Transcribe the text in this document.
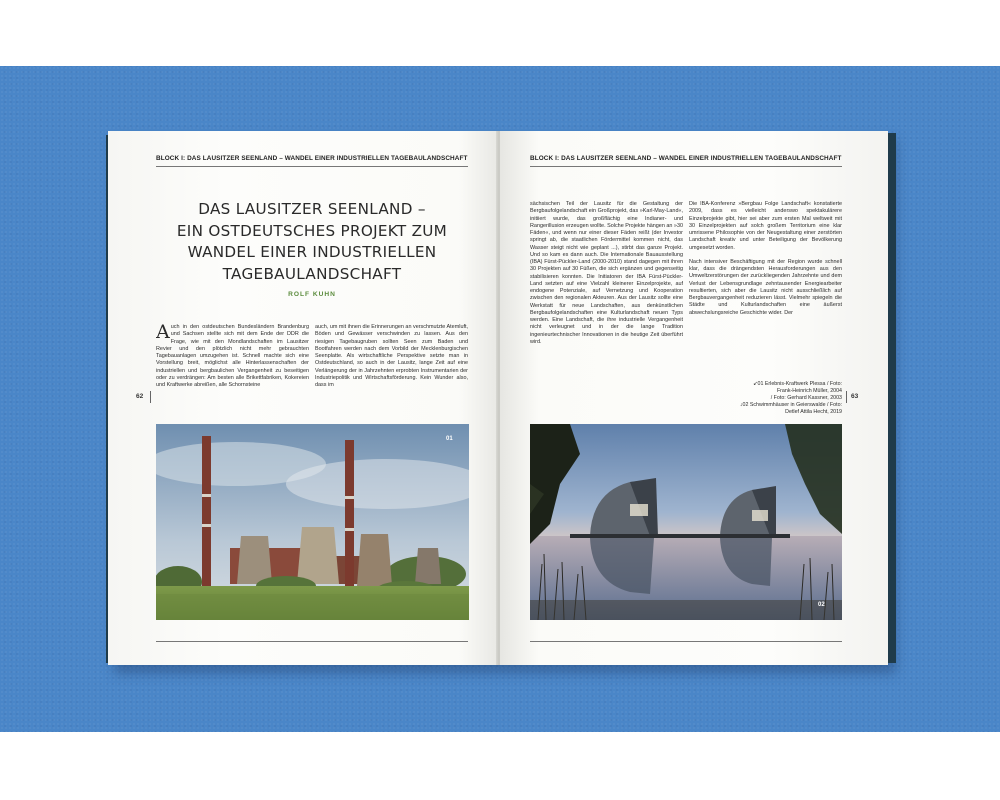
BLOCK I: DAS LAUSITZER SEENLAND – WANDEL EINER INDUSTRIELLEN TAGEBAULANDSCHAFT
DAS LAUSITZER SEENLAND –
EIN OSTDEUTSCHES PROJEKT ZUM
WANDEL EINER INDUSTRIELLEN
TAGEBAULANDSCHAFT
ROLF KUHN

Auch in den ostdeutschen Bundesländern Brandenburg und Sachsen stellte sich mit dem Ende der DDR die Frage, wie mit den Mondlandschaften im Lausitzer Revier und den plötzlich nicht mehr gebrauchten Tagebauanlagen umzugehen ist. Schnell machte sich eine Vorstellung breit, möglichst alle Hinterlassenschaften der industriellen und bergbaulichen Vergangenheit zu beseitigen oder zu verdrängen: Am besten alle Brikettfabriken, Kokereien und Kraftwerke abreißen, alle Schornsteine

auch, um mit ihnen die Erinnerungen an verschmutzte Atemluft, Böden und Gewässer verschwinden zu lassen. Aus den riesigen Tagebaugruben sollten Seen zum Baden und Bootfahren werden nach dem Vorbild der Mecklenburgischen Seenplatte. Als wirtschaftliche Perspektive setzte man in Ostdeutschland, so auch in der Lausitz, lange Zeit auf eine Verlängerung der in Jahrzehnten erprobten Instrumentarien der Industriepolitik und Wirtschaftsförderung. Kein Wunder also, dass im

62
01
BLOCK I: DAS LAUSITZER SEENLAND – WANDEL EINER INDUSTRIELLEN TAGEBAULANDSCHAFT

sächsischen Teil der Lausitz für die Gestaltung der Bergbaufolgelandschaft ein Großprojekt, das »Karl-May-Land«, initiiert wurde, das großflächig eine Indianer- und Rangerillusion erzeugen wollte. Solche Projekte hängen an »30 Fäden«, und wenn nur einer dieser Fäden reißt (der Investor springt ab, die staatlichen Fördermittel kommen nicht, das Wasser steigt nicht wie geplant ...), stirbt das ganze Projekt. Und so kam es dann auch. Die Internationale Bauausstellung (IBA) Fürst-Pückler-Land (2000-2010) stand dagegen mit ihren 30 Projekten auf 30 Füßen, die sich ergänzen und gegenseitig stabilisieren konnten. Die Initiatoren der IBA Fürst-Pückler-Land setzten auf eine Vielzahl kleinerer Einzelprojekte, auf endogene Potenziale, auf Vernetzung und Kooperation zwischen den regionalen Akteuren. Aus der Lausitz sollte eine Werkstatt für neue Landschaften, aus denkünstlichen Bergbaufolgelandschaften eine Kulturlandschaft neuen Typs werden. Eine Landschaft, die ihre industrielle Vergangenheit nicht verleugnet und in der die lange Tradition ingenieurtechnischer Innovationen in die heutige Zeit überführt wird.

Die IBA-Konferenz »Bergbau Folge Landschaft« konstatierte 2009, dass es vielleicht anderswo spektakulärere Einzelprojekte gibt, hier sei aber zum ersten Mal weltweit mit 30 Einzelprojekten auf solch großem Territorium eine klar umrissene Philosophie von der Neugestaltung einer zerstörten Landschaft kreativ und unter Beteiligung der Bevölkerung umgesetzt worden.

Nach intensiver Beschäftigung mit der Region wurde schnell klar, dass die drängendsten Herausforderungen aus den Umweltzerstörungen der zurückliegenden Jahrzehnte und dem Verlust der Lebensgrundlage zehntausender Energiearbeiter resultierten, sich aber die Lausitz nicht ausschließlich auf Bergbauvergangenheit reduzieren lässt. Vielmehr spiegeln die Städte und Kulturlandschaften eine äußerst abwechslungsreiche Geschichte wider. Der

↙01 Erlebnis-Kraftwerk Plessa / Foto:
Frank-Heinrich Müller, 2004
/ Foto: Gerhard Kassner, 2003
↓02 Schwimmhäuser in Geierswalde / Foto:
Detlef Attila Hecht, 2019
63
02
